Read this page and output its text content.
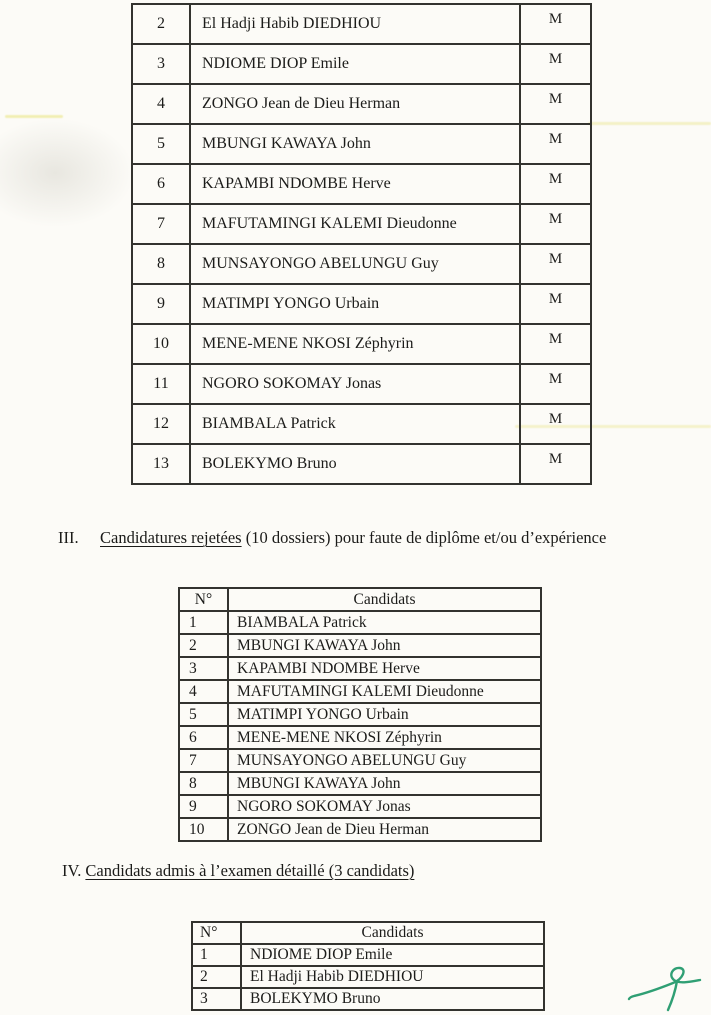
2	El Hadji Habib DIEDHIOU	M
3	NDIOME DIOP Emile	M
4	ZONGO Jean de Dieu Herman	M
5	MBUNGI KAWAYA John	M
6	KAPAMBI NDOMBE Herve	M
7	MAFUTAMINGI KALEMI Dieudonne	M
8	MUNSAYONGO ABELUNGU Guy	M
9	MATIMPI YONGO Urbain	M
10	MENE-MENE NKOSI Zéphyrin	M
11	NGORO SOKOMAY Jonas	M
12	BIAMBALA Patrick	M
13	BOLEKYMO Bruno	M
III. Candidatures rejetées (10 dossiers) pour faute de diplôme et/ou d’expérience
N°	Candidats
1	BIAMBALA Patrick
2	MBUNGI KAWAYA John
3	KAPAMBI NDOMBE Herve
4	MAFUTAMINGI KALEMI Dieudonne
5	MATIMPI YONGO Urbain
6	MENE-MENE NKOSI Zéphyrin
7	MUNSAYONGO ABELUNGU Guy
8	MBUNGI KAWAYA John
9	NGORO SOKOMAY Jonas
10	ZONGO Jean de Dieu Herman
IV. Candidats admis à l’examen détaillé (3 candidats)
N°	Candidats
1	NDIOME DIOP Emile
2	El Hadji Habib DIEDHIOU
3	BOLEKYMO Bruno
